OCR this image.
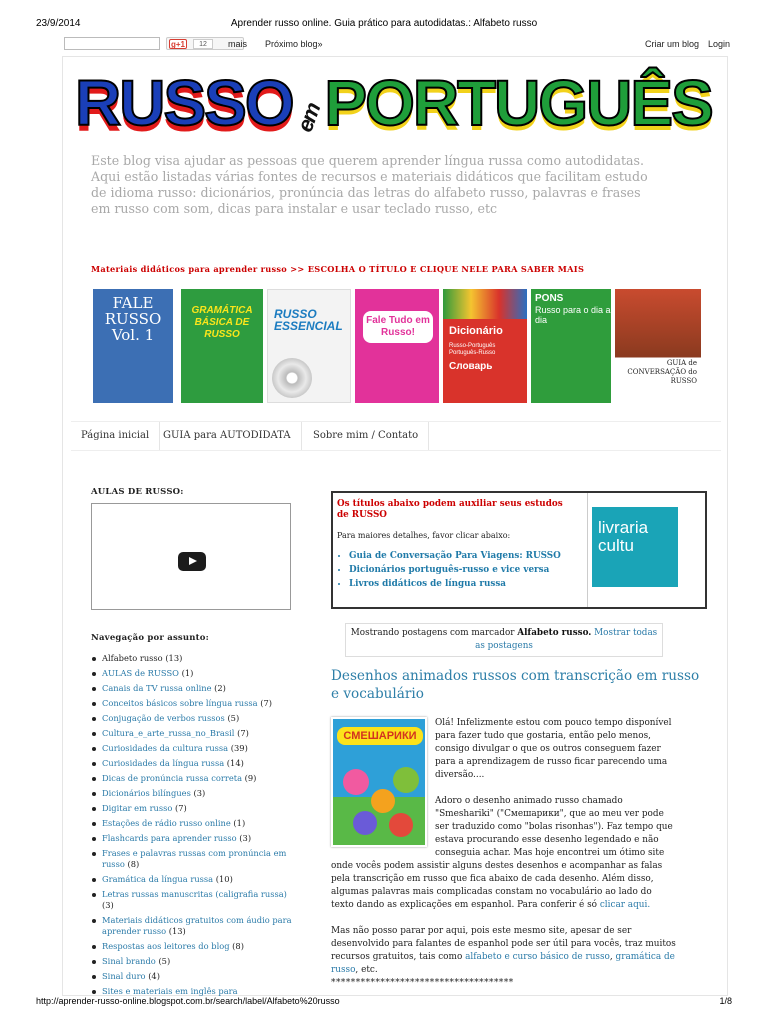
23/9/2014	Aprender russo online. Guia prático para autodidatas.: Alfabeto russo
g+1	12	mais Próximo blog»	Criar um blog Login
RUSSOemPORTUGUÊS
Este blog visa ajudar as pessoas que querem aprender língua russa como autodidatas. Aqui estão listadas várias fontes de recursos e materiais didáticos que facilitam estudo de idioma russo: dicionários, pronúncia das letras do alfabeto russo, palavras e frases em russo com som, dicas para instalar e usar teclado russo, etc
Materiais didáticos para aprender russo >> ESCOLHA O TÍTULO E CLIQUE NELE PARA SABER MAIS
FALE RUSSO Vol. 1
GRAMÁTICA BÁSICA DE RUSSO
RUSSO ESSENCIAL	Fale Tudo em Russo!	Dicionário
Russo-Português Português-Russo
Словарь
PONS
Russo para o dia a dia
GUIA de CONVERSAÇÃO do RUSSO
Página inicial	GUIA para AUTODIDATA	Sobre mim / Contato
AULAS DE RUSSO:
Navegação por assunto:
Alfabeto russo (13)
AULAS de RUSSO (1)
Canais da TV russa online (2)
Conceitos básicos sobre língua russa (7)
Conjugação de verbos russos (5)
Cultura_e_arte_russa_no_Brasil (7)
Curiosidades da cultura russa (39)
Curiosidades da língua russa (14)
Dicas de pronúncia russa correta (9)
Dicionários bilíngues (3)
Digitar em russo (7)
Estações de rádio russo online (1)
Flashcards para aprender russo (3)
Frases e palavras russas com pronúncia em russo (8)
Gramática da língua russa (10)
Letras russas manuscritas (caligrafia russa) (3)
Materiais didáticos gratuitos com áudio para aprender russo (13)
Respostas aos leitores do blog (8)
Sinal brando (5)
Sinal duro (4)
Sites e materiais em inglês para
Os títulos abaixo podem auxiliar seus estudos de RUSSO
Para maiores detalhes, favor clicar abaixo:
• Guia de Conversação Para Viagens: RUSSO
• Dicionários português-russo e vice versa
• Livros didáticos de língua russa
livraria cultu
Mostrando postagens com marcador Alfabeto russo. Mostrar todas as postagens
Desenhos animados russos com transcrição em russo e vocabulário
СМЕШАРИКИ

Olá! Infelizmente estou com pouco tempo disponível para fazer tudo que gostaria, então pelo menos, consigo divulgar o que os outros conseguem fazer para a aprendizagem de russo ficar parecendo uma diversão....

Adoro o desenho animado russo chamado "Smeshariki" ("Смешарики", que ao meu ver pode ser traduzido como "bolas risonhas"). Faz tempo que estava procurando esse desenho legendado e não conseguia achar. Mas hoje encontrei um ótimo site onde vocês podem assistir alguns destes desenhos e acompanhar as falas pela transcrição em russo que fica abaixo de cada desenho. Além disso, algumas palavras mais complicadas constam no vocabulário ao lado do texto dando as explicações em espanhol. Para conferir é só clicar aqui.

Mas não posso parar por aqui, pois este mesmo site, apesar de ser desenvolvido para falantes de espanhol pode ser útil para vocês, traz muitos recursos gratuitos, tais como alfabeto e curso básico de russo, gramática de russo, etc.
*************************************

http://aprender-russo-online.blogspot.com.br/search/label/Alfabeto%20russo	1/8
